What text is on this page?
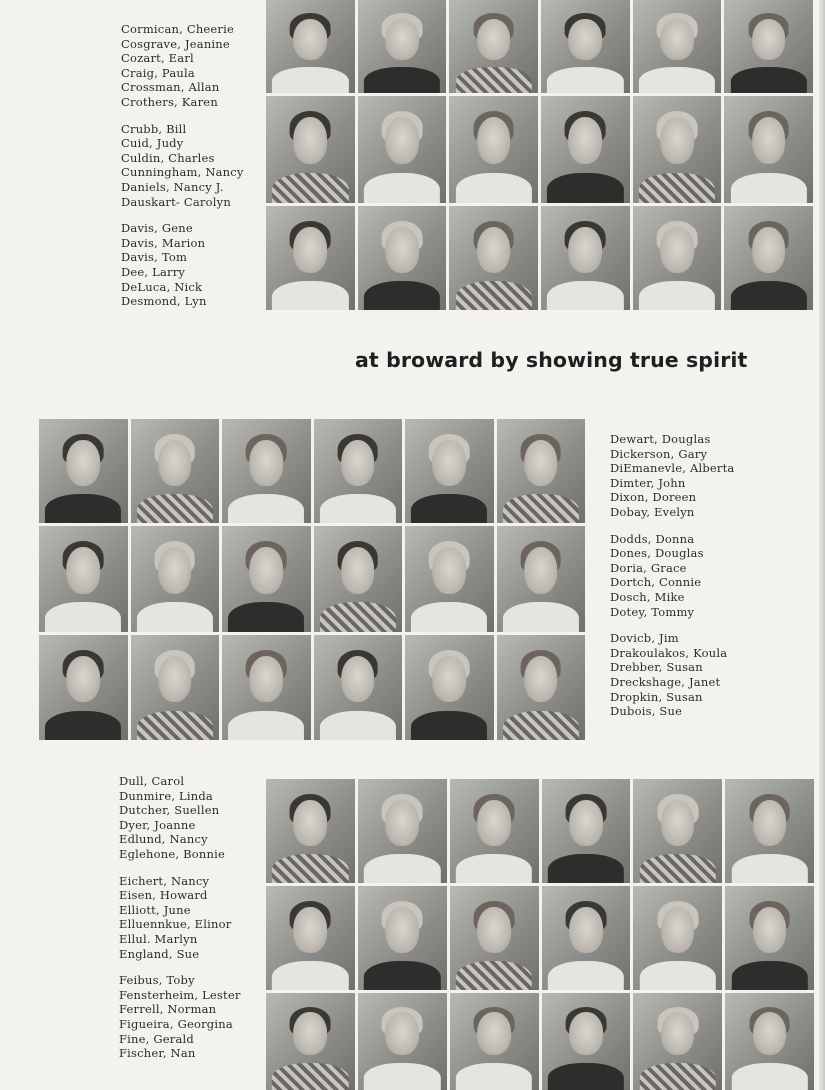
Cormican, Cheerie
Cosgrave, Jeanine
Cozart, Earl
Craig, Paula
Crossman, Allan
Crothers, Karen
Crubb, Bill
Cuid, Judy
Culdin, Charles
Cunningham, Nancy
Daniels, Nancy J.
Dauskart- Carolyn
Davis, Gene
Davis, Marion
Davis, Tom
Dee, Larry
DeLuca, Nick
Desmond, Lyn
at broward by showing true spirit
Dewart, Douglas
Dickerson, Gary
DiEmanevle, Alberta
Dimter, John
Dixon, Doreen
Dobay, Evelyn
Dodds, Donna
Dones, Douglas
Doria, Grace
Dortch, Connie
Dosch, Mike
Dotey, Tommy
Dovicb, Jim
Drakoulakos, Koula
Drebber, Susan
Dreckshage, Janet
Dropkin, Susan
Dubois, Sue
Dull, Carol
Dunmire, Linda
Dutcher, Suellen
Dyer, Joanne
Edlund, Nancy
Eglehone, Bonnie
Eichert, Nancy
Eisen, Howard
Elliott, June
Elluennkue, Elinor
Ellul. Marlyn
England, Sue
Feibus, Toby
Fensterheim, Lester
Ferrell, Norman
Figueira, Georgina
Fine, Gerald
Fischer, Nan
